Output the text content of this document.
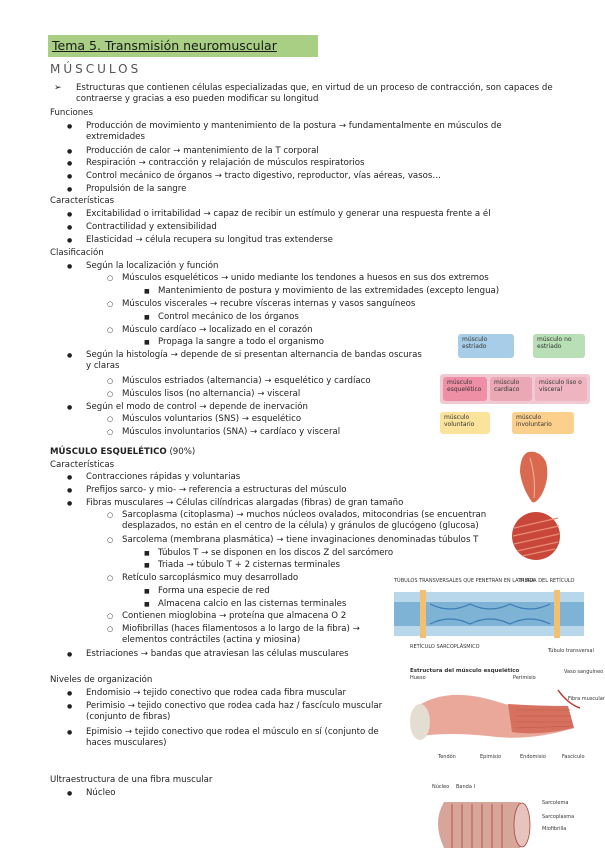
Tema 5. Transmisión neuromuscular
MÚSCULOS
➢ Estructuras que contienen células especializadas que, en virtud de un proceso de contracción, son capaces de contraerse y gracias a eso pueden modificar su longitud
Funciones
● Producción de movimiento y mantenimiento de la postura → fundamentalmente en músculos de extremidades
● Producción de calor → mantenimiento de la T corporal
● Respiración → contracción y relajación de músculos respiratorios
● Control mecánico de órganos → tracto digestivo, reproductor, vías aéreas, vasos…
● Propulsión de la sangre
Características
● Excitabilidad o irritabilidad → capaz de recibir un estímulo y generar una respuesta frente a él
● Contractilidad y extensibilidad
● Elasticidad → célula recupera su longitud tras extenderse
Clasificación
● Según la localización y función
○ Músculos esqueléticos → unido mediante los tendones a huesos en sus dos extremos
■ Mantenimiento de postura y movimiento de las extremidades (excepto lengua)
○ Músculos viscerales → recubre vísceras internas y vasos sanguíneos
■ Control mecánico de los órganos
○ Músculo cardíaco → localizado en el corazón
■ Propaga la sangre a todo el organismo
● Según la histología → depende de si presentan alternancia de bandas oscuras y claras
○ Músculos estriados (alternancia) → esquelético y cardíaco
○ Músculos lisos (no alternancia) → visceral
● Según el modo de control → depende de inervación
○ Músculos voluntarios (SNS) → esquelético
○ Músculos involuntarios (SNA) → cardíaco y visceral
músculo estriado
músculo no estriado
músculo esquelético
músculo cardiaco
músculo liso o visceral
músculo voluntario
músculo involuntario
MÚSCULO ESQUELÉTICO (90%)
Características
● Contracciones rápidas y voluntarias
● Prefijos sarco- y mio- → referencia a estructuras del músculo
● Fibras musculares → Células cilíndricas alargadas (fibras) de gran tamaño
○ Sarcoplasma (citoplasma) → muchos núcleos ovalados, mitocondrias (se encuentran desplazados, no están en el centro de la célula) y gránulos de glucógeno (glucosa)
○ Sarcolema (membrana plasmática) → tiene invaginaciones denominadas túbulos T
■ Túbulos T → se disponen en los discos Z del sarcómero
■ Triada → túbulo T + 2 cisternas terminales
○ Retículo sarcoplásmico muy desarrollado
■ Forma una especie de red
■ Almacena calcio en las cisternas terminales
○ Contienen mioglobina → proteína que almacena O 2
○ Miofibrillas (haces filamentosos a lo largo de la fibra) → elementos contráctiles (actina y miosina)
● Estriaciones → bandas que atraviesan las células musculares
TÚBULOS TRANSVERSALES QUE PENETRAN EN LA FIBRA
TRIADA DEL RETÍCULO
RETÍCULO SARCOPLÁSMICO
Túbulo transversal
Niveles de organización
● Endomisio → tejido conectivo que rodea cada fibra muscular
● Perimisio → tejido conectivo que rodea cada haz / fascículo muscular (conjunto de fibras)
● Epimisio → tejido conectivo que rodea el músculo en sí (conjunto de haces musculares)
Estructura del músculo esquelético
Hueso	Perimisio
Vaso sanguíneo
Fibra muscular
Tendón	Epimisio	Endomisio	Fascículo
Ultraestructura de una fibra muscular
● Núcleo
Núcleo Banda I
Sarcolema
Sarcoplasma
Miofibrilla
